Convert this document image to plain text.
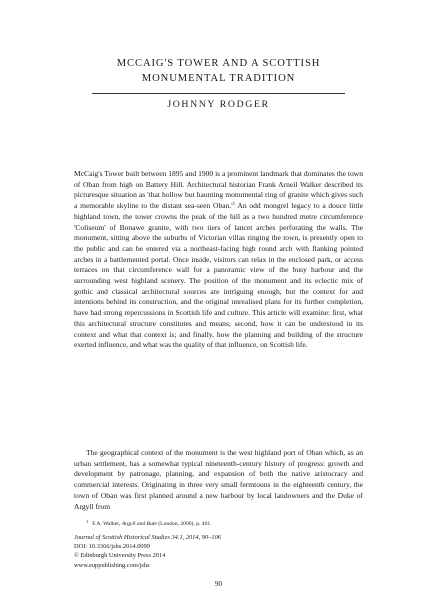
MCCAIG'S TOWER AND A SCOTTISH
MONUMENTAL TRADITION
JOHNNY RODGER
McCaig's Tower built between 1895 and 1900 is a prominent landmark that dominates the town of Oban from high on Battery Hill. Architectural historian Frank Arneil Walker described its picturesque situation as 'that hollow but haunting monumental ring of granite which gives such a memorable skyline to the distant sea-seen Oban.'$^1$ An odd mongrel legacy to a douce little highland town, the tower crowns the peak of the hill as a two hundred metre circumference 'Coliseum' of Bonawe granite, with two tiers of lancet arches perforating the walls. The monument, sitting above the suburbs of Victorian villas ringing the town, is presently open to the public and can be entered via a northeast-facing high round arch with flanking pointed arches in a battlemented portal. Once inside, visitors can relax in the enclosed park, or access terraces on that circumference wall for a panoramic view of the busy harbour and the surrounding west highland scenery. The position of the monument and its eclectic mix of gothic and classical architectural sources are intriguing enough, but the context for and intentions behind its construction, and the original unrealised plans for its further completion, have had strong repercussions in Scottish life and culture. This article will examine: first, what this architectural structure constitutes and means; second, how it can be understood in its context and what that context is; and finally, how the planning and building of the structure exerted influence, and what was the quality of that influence, on Scottish life.
The geographical context of the monument is the west highland port of Oban which, as an urban settlement, has a somewhat typical nineteenth-century history of progress: growth and development by patronage, planning, and expansion of both the native aristocracy and commercial interests. Originating in three very small fermtouns in the eighteenth century, the town of Oban was first planned around a new harbour by local landowners and the Duke of Argyll from
$^1$ F.A. Walker, Argyll and Bute (London, 2000), p. 401.
Journal of Scottish Historical Studies 34.1, 2014, 90–106
DOI: 10.3366/jshs.2014.0099
© Edinburgh University Press 2014
www.euppublishing.com/jshs
90
